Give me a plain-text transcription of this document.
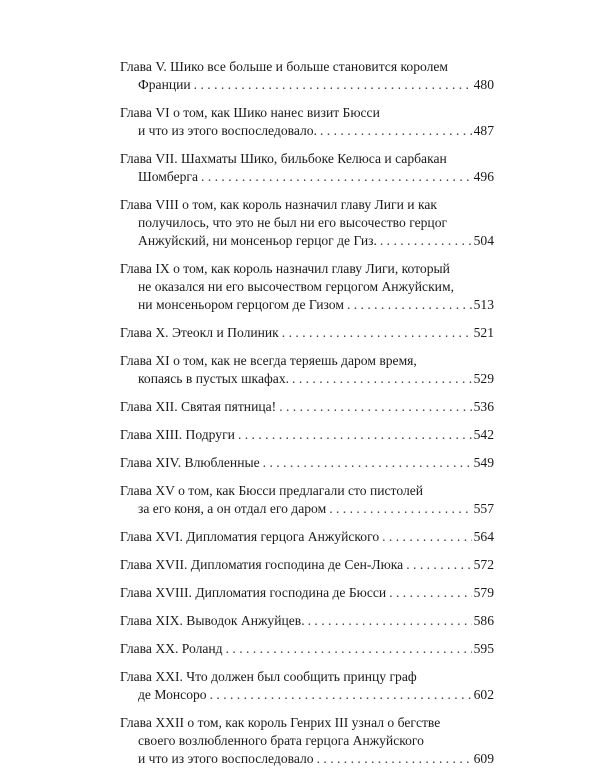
Глава V. Шико все больше и больше становится королем
Франции . . .	480
Глава VI о том, как Шико нанес визит Бюсси
и что из этого воспоследовало. . . .	487
Глава VII. Шахматы Шико, бильбоке Келюса и сарбакан
Шомберга . . .	496
Глава VIII о том, как король назначил главу Лиги и как
получилось, что это не был ни его высочество герцог
Анжуйский, ни монсеньор герцог де Гиз. . . .	504
Глава IX о том, как король назначил главу Лиги, который
не оказался ни его высочеством герцогом Анжуйским,
ни монсеньором герцогом де Гизом . . .	513
Глава X. Этеокл и Полиник . . .	521
Глава XI о том, как не всегда теряешь даром время,
копаясь в пустых шкафах. . . .	529
Глава XII. Святая пятница! . . .	536
Глава XIII. Подруги . . .	542
Глава XIV. Влюбленные . . .	549
Глава XV о том, как Бюсси предлагали сто пистолей
за его коня, а он отдал его даром . . .	557
Глава XVI. Дипломатия герцога Анжуйского . . .	564
Глава XVII. Дипломатия господина де Сен-Люка . . .	572
Глава XVIII. Дипломатия господина де Бюсси . . .	579
Глава XIX. Выводок Анжуйцев. . . .	586
Глава XX. Роланд . . .	595
Глава XXI. Что должен был сообщить принцу граф
де Монсоро . . .	602
Глава XXII о том, как король Генрих III узнал о бегстве
своего возлюбленного брата герцога Анжуйского
и что из этого воспоследовало . . .	609
